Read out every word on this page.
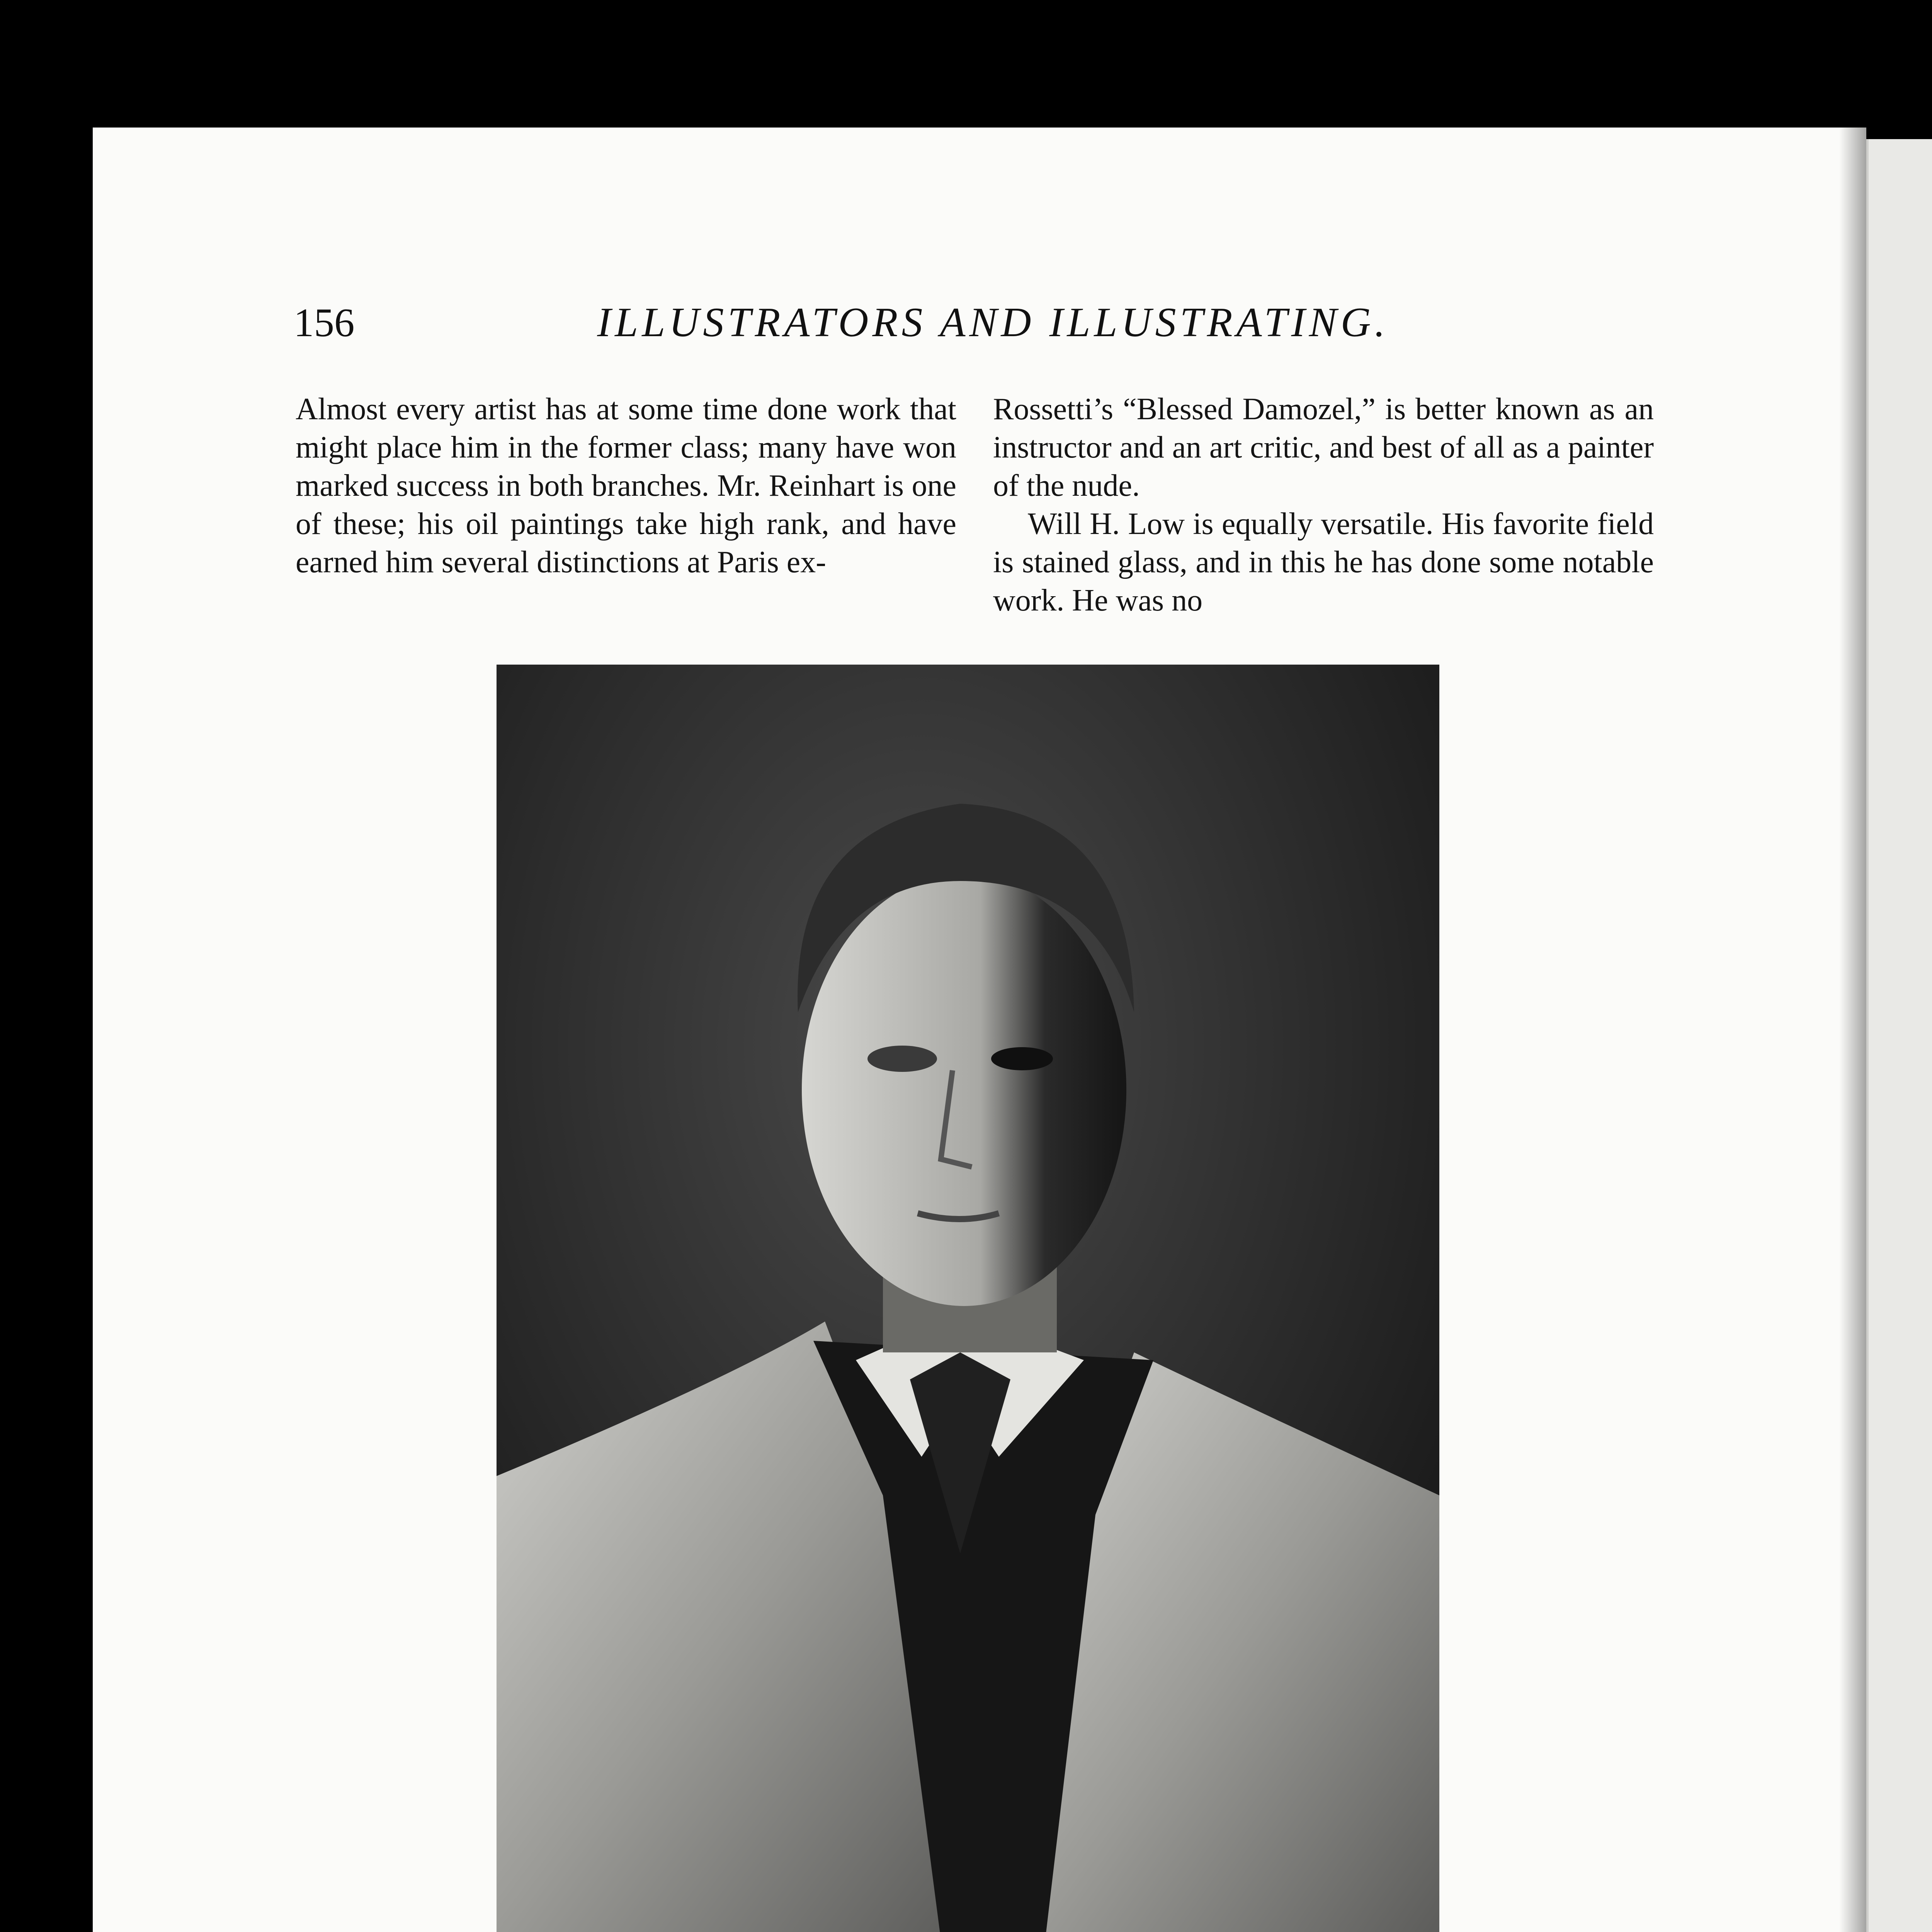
156	ILLUSTRATORS AND ILLUSTRATING.

Almost every artist has at some time done work that might place him in the former class; many have won marked success in both branches. Mr. Reinhart is one of these; his oil paintings take high rank, and have earned him several distinctions at Paris ex-

Rossetti’s “Blessed Damozel,” is better known as an instructor and an art critic, and best of all as a painter of the nude.

Will H. Low is equally versatile. His favorite field is stained glass, and in this he has done some notable work. He was no
